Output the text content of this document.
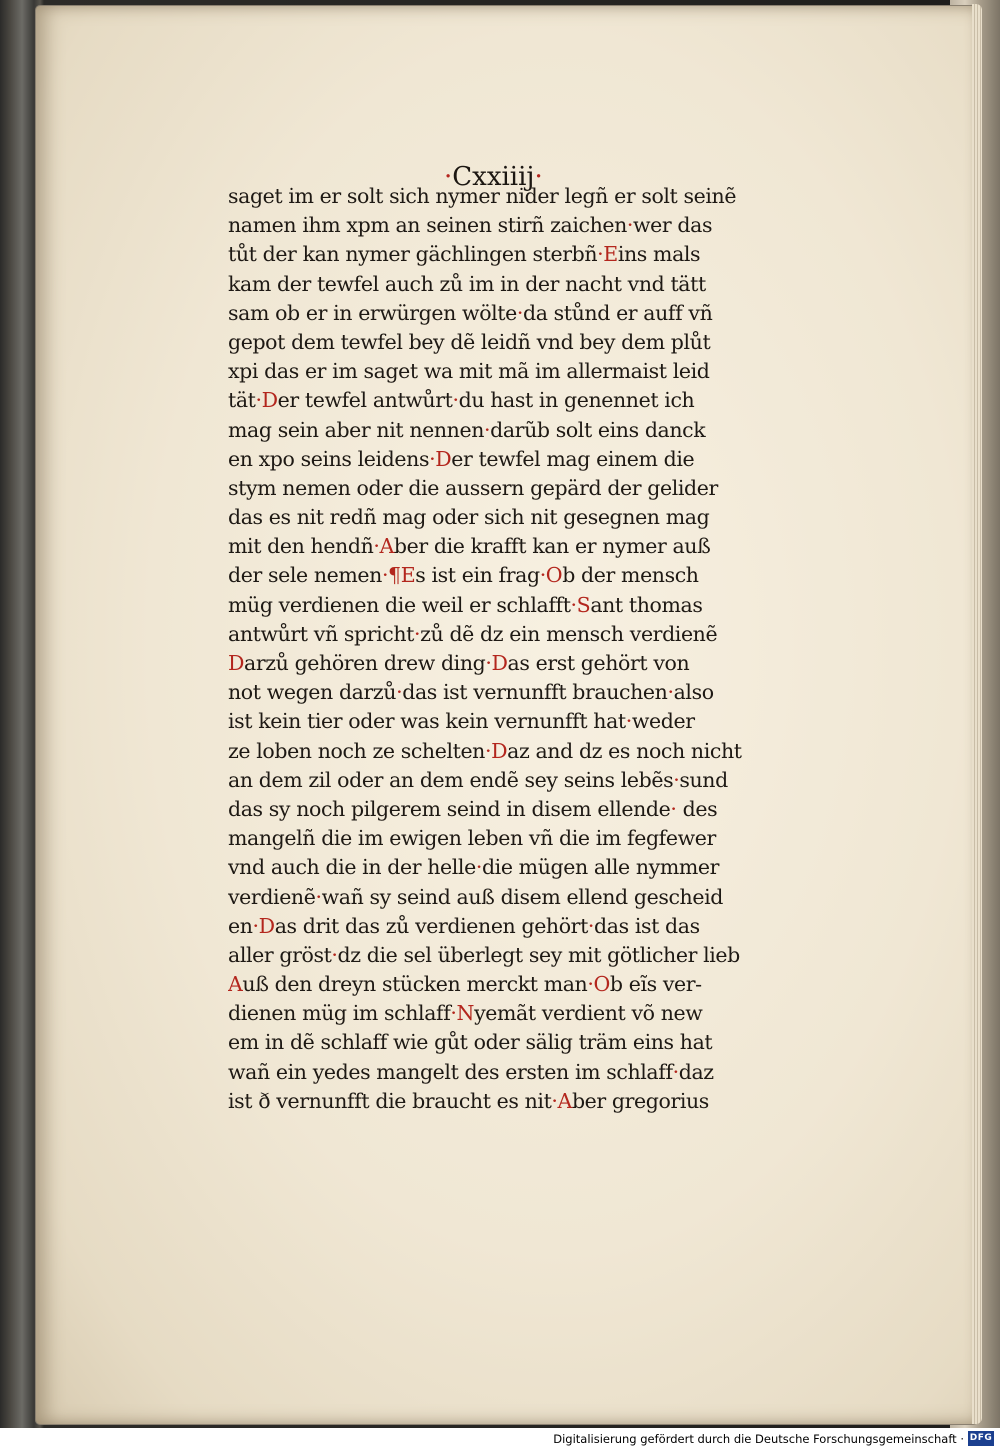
·Cxxiiij·
saget im er solt sich nymer nider legñ er solt seinẽ
namen ihm xpm an seinen stirñ zaichen·wer das
tůt der kan nymer gächlingen sterbñ·Eins mals
kam der tewfel auch zů im in der nacht vnd tätt
sam ob er in erwürgen wölte·da stůnd er auff vñ
gepot dem tewfel bey dẽ leidñ vnd bey dem plůt
xpi das er im saget wa mit mã im allermaist leid
tät·Der tewfel antwůrt·du hast in genennet ich
mag sein aber nit nennen·darũb solt eins danck
en xpo seins leidens·Der tewfel mag einem die
stym nemen oder die aussern gepärd der gelider
das es nit redñ mag oder sich nit gesegnen mag
mit den hendñ·Aber die krafft kan er nymer auß
der sele nemen·¶Es ist ein frag·Ob der mensch
müg verdienen die weil er schlafft·Sant thomas
antwůrt vñ spricht·zů dẽ dz ein mensch verdienẽ
Darzů gehören drew ding·Das erst gehört von
not wegen darzů·das ist vernunfft brauchen·also
ist kein tier oder was kein vernunfft hat·weder
ze loben noch ze schelten·Daz and dz es noch nicht
an dem zil oder an dem endẽ sey seins lebẽs·sund
das sy noch pilgerem seind in disem ellende· des
mangelñ die im ewigen leben vñ die im fegfewer
vnd auch die in der helle·die mügen alle nymmer
verdienẽ·wañ sy seind auß disem ellend gescheid
en·Das drit das zů verdienen gehört·das ist das
aller gröst·dz die sel überlegt sey mit götlicher lieb
Auß den dreyn stücken merckt man·Ob eĩs ver-
dienen müg im schlaff·Nyemãt verdient võ new
em in dẽ schlaff wie gůt oder sälig träm eins hat
wañ ein yedes mangelt des ersten im schlaff·daz
ist ð vernunfft die braucht es nit·Aber gregorius
Digitalisierung gefördert durch die Deutsche Forschungsgemeinschaft · DFG
